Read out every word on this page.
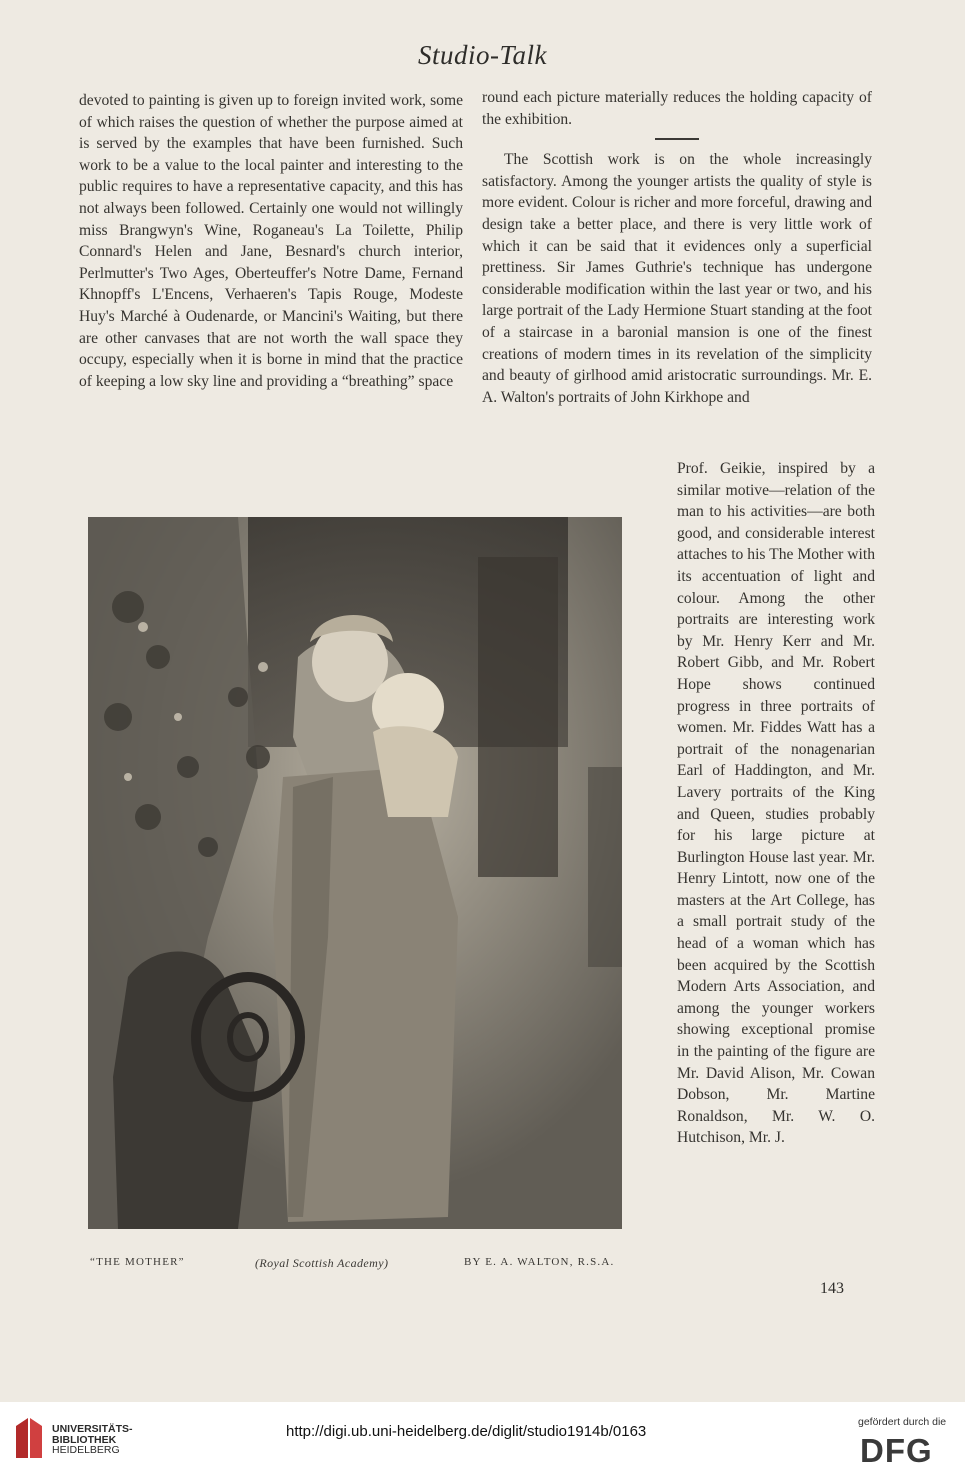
Studio-Talk

devoted to painting is given up to foreign invited work, some of which raises the question of whether the purpose aimed at is served by the examples that have been furnished. Such work to be a value to the local painter and interesting to the public requires to have a representative capacity, and this has not always been followed. Certainly one would not willingly miss Brangwyn's Wine, Roganeau's La Toilette, Philip Connard's Helen and Jane, Besnard's church interior, Perlmutter's Two Ages, Oberteuffer's Notre Dame, Fernand Khnopff's L'Encens, Verhaeren's Tapis Rouge, Modeste Huy's Marché à Oudenarde, or Mancini's Waiting, but there are other canvases that are not worth the wall space they occupy, especially when it is borne in mind that the practice of keeping a low sky line and providing a “breathing” space

round each picture materially reduces the holding capacity of the exhibition.

The Scottish work is on the whole increasingly satisfactory. Among the younger artists the quality of style is more evident. Colour is richer and more forceful, drawing and design take a better place, and there is very little work of which it can be said that it evidences only a superficial prettiness. Sir James Guthrie's technique has undergone considerable modification within the last year or two, and his large portrait of the Lady Hermione Stuart standing at the foot of a staircase in a baronial mansion is one of the finest creations of modern times in its revelation of the simplicity and beauty of girlhood amid aristocratic surroundings. Mr. E. A. Walton's portraits of John Kirkhope and

Prof. Geikie, inspired by a similar motive—relation of the man to his activities—are both good, and considerable interest attaches to his The Mother with its accentuation of light and colour. Among the other portraits are interesting work by Mr. Henry Kerr and Mr. Robert Gibb, and Mr. Robert Hope shows continued progress in three portraits of women. Mr. Fiddes Watt has a portrait of the nonagenarian Earl of Haddington, and Mr. Lavery portraits of the King and Queen, studies probably for his large picture at Burlington House last year. Mr. Henry Lintott, now one of the masters at the Art College, has a small portrait study of the head of a woman which has been acquired by the Scottish Modern Arts Association, and among the younger workers showing exceptional promise in the painting of the figure are Mr. David Alison, Mr. Cowan Dobson, Mr. Martine Ronaldson, Mr. W. O. Hutchison, Mr. J.

“THE MOTHER”	(Royal Scottish Academy)	BY E. A. WALTON, R.S.A.
143
UNIVERSITÄTS-
BIBLIOTHEK
HEIDELBERG
http://digi.ub.uni-heidelberg.de/diglit/studio1914b/0163
gefördert durch die
DFG
